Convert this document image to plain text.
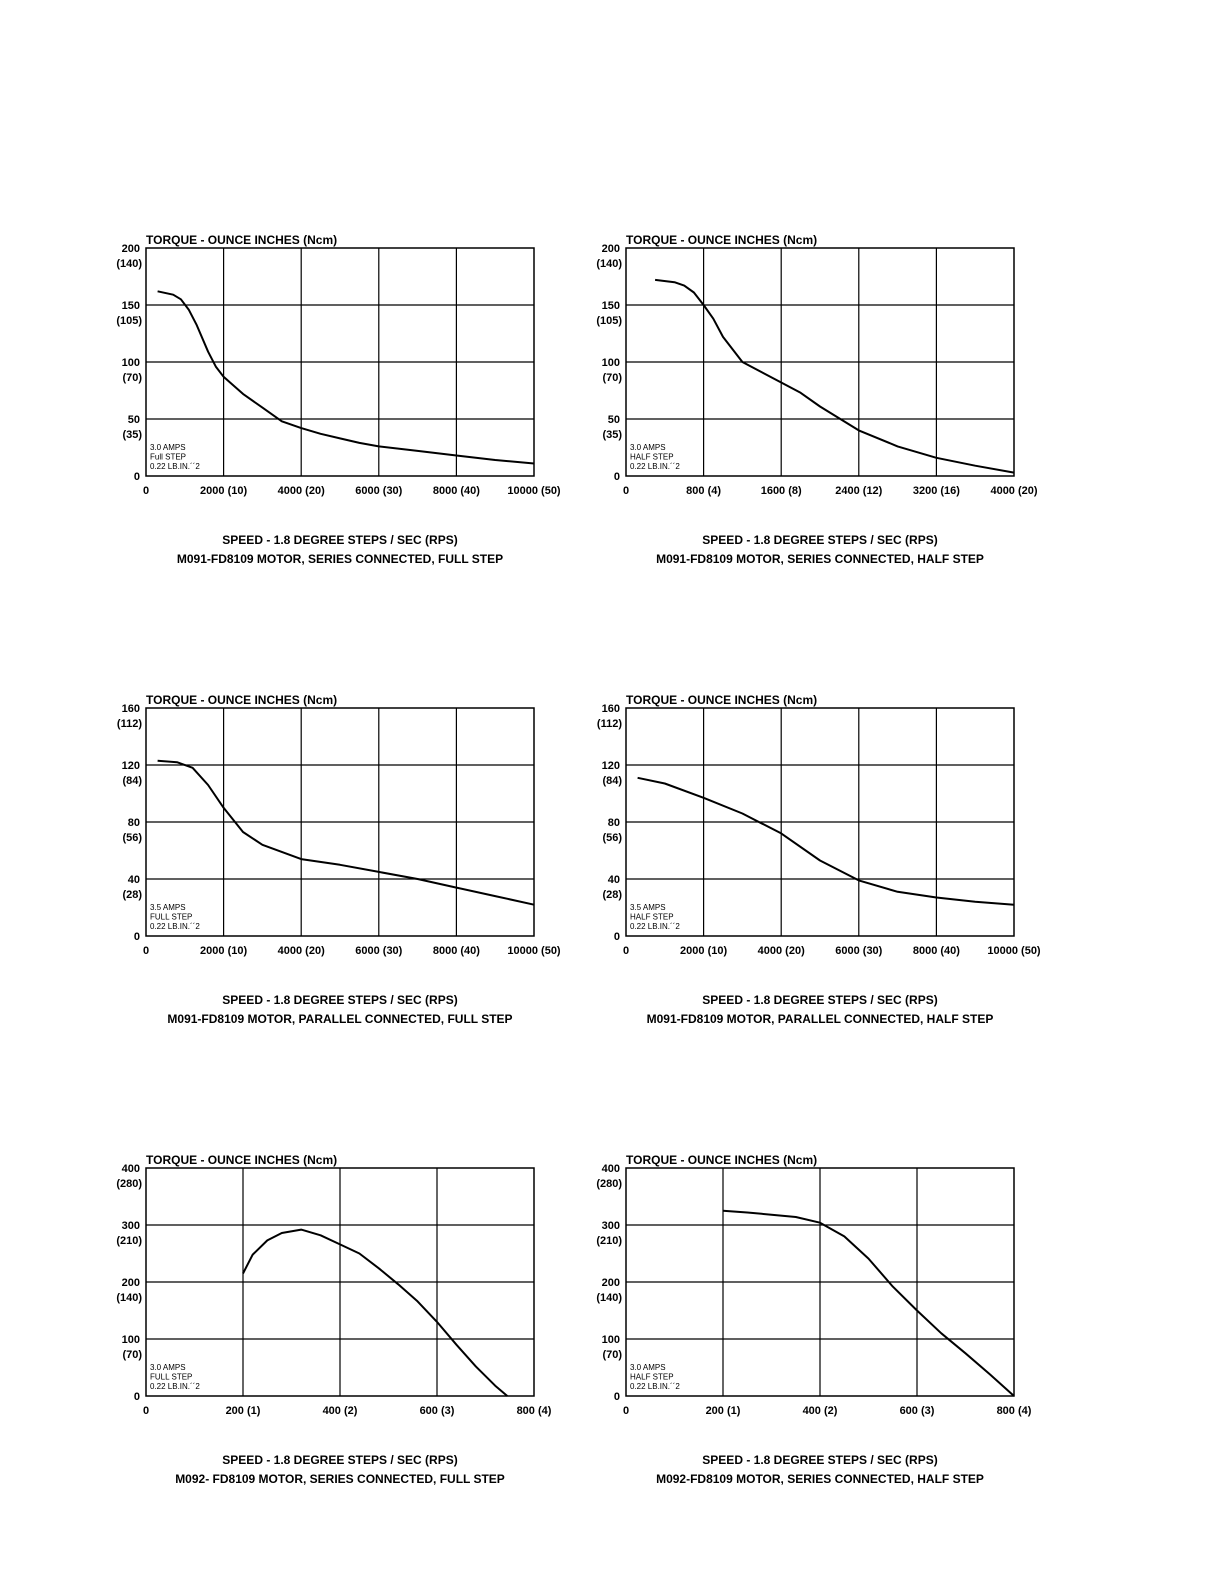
TORQUE - OUNCE INCHES (Ncm)
0
50
(35)
100
(70)
150
(105)
200
(140)
0	2000 (10)	4000 (20)	6000 (30)	8000 (40) 10000 (50)
3.0 AMPS
Full STEP
0.22 LB.IN.´´2
SPEED - 1.8 DEGREE STEPS / SEC (RPS)
M091-FD8109 MOTOR, SERIES CONNECTED, FULL STEP
TORQUE - OUNCE INCHES (Ncm)
0
50
(35)
100
(70)
150
(105)
200
(140)
0	800 (4)	1600 (8)	2400 (12)	3200 (16)	4000 (20)
3.0 AMPS
HALF STEP
0.22 LB.IN.´´2
SPEED - 1.8 DEGREE STEPS / SEC (RPS)
M091-FD8109 MOTOR, SERIES CONNECTED, HALF STEP
TORQUE - OUNCE INCHES (Ncm)
0
40
(28)
80
(56)
120
(84)
160
(112)
0	2000 (10)	4000 (20)	6000 (30)	8000 (40) 10000 (50)
3.5 AMPS
FULL STEP
0.22 LB.IN.´´2
SPEED - 1.8 DEGREE STEPS / SEC (RPS)
M091-FD8109 MOTOR, PARALLEL CONNECTED, FULL STEP
TORQUE - OUNCE INCHES (Ncm)
0
40
(28)
80
(56)
120
(84)
160
(112)
0	2000 (10)	4000 (20)	6000 (30)	8000 (40) 10000 (50)
3.5 AMPS
HALF STEP
0.22 LB.IN.´´2
SPEED - 1.8 DEGREE STEPS / SEC (RPS)
M091-FD8109 MOTOR, PARALLEL CONNECTED, HALF STEP
TORQUE - OUNCE INCHES (Ncm)
0
100
(70)
200
(140)
300
(210)
400
(280)
0	200 (1)	400 (2)	600 (3)	800 (4)
3.0 AMPS
FULL STEP
0.22 LB.IN.´´2
SPEED - 1.8 DEGREE STEPS / SEC (RPS)
M092- FD8109 MOTOR, SERIES CONNECTED, FULL STEP
TORQUE - OUNCE INCHES (Ncm)
0
100
(70)
200
(140)
300
(210)
400
(280)
0	200 (1)	400 (2)	600 (3)	800 (4)
3.0 AMPS
HALF STEP
0.22 LB.IN.´´2
SPEED - 1.8 DEGREE STEPS / SEC (RPS)
M092-FD8109 MOTOR, SERIES CONNECTED, HALF STEP
